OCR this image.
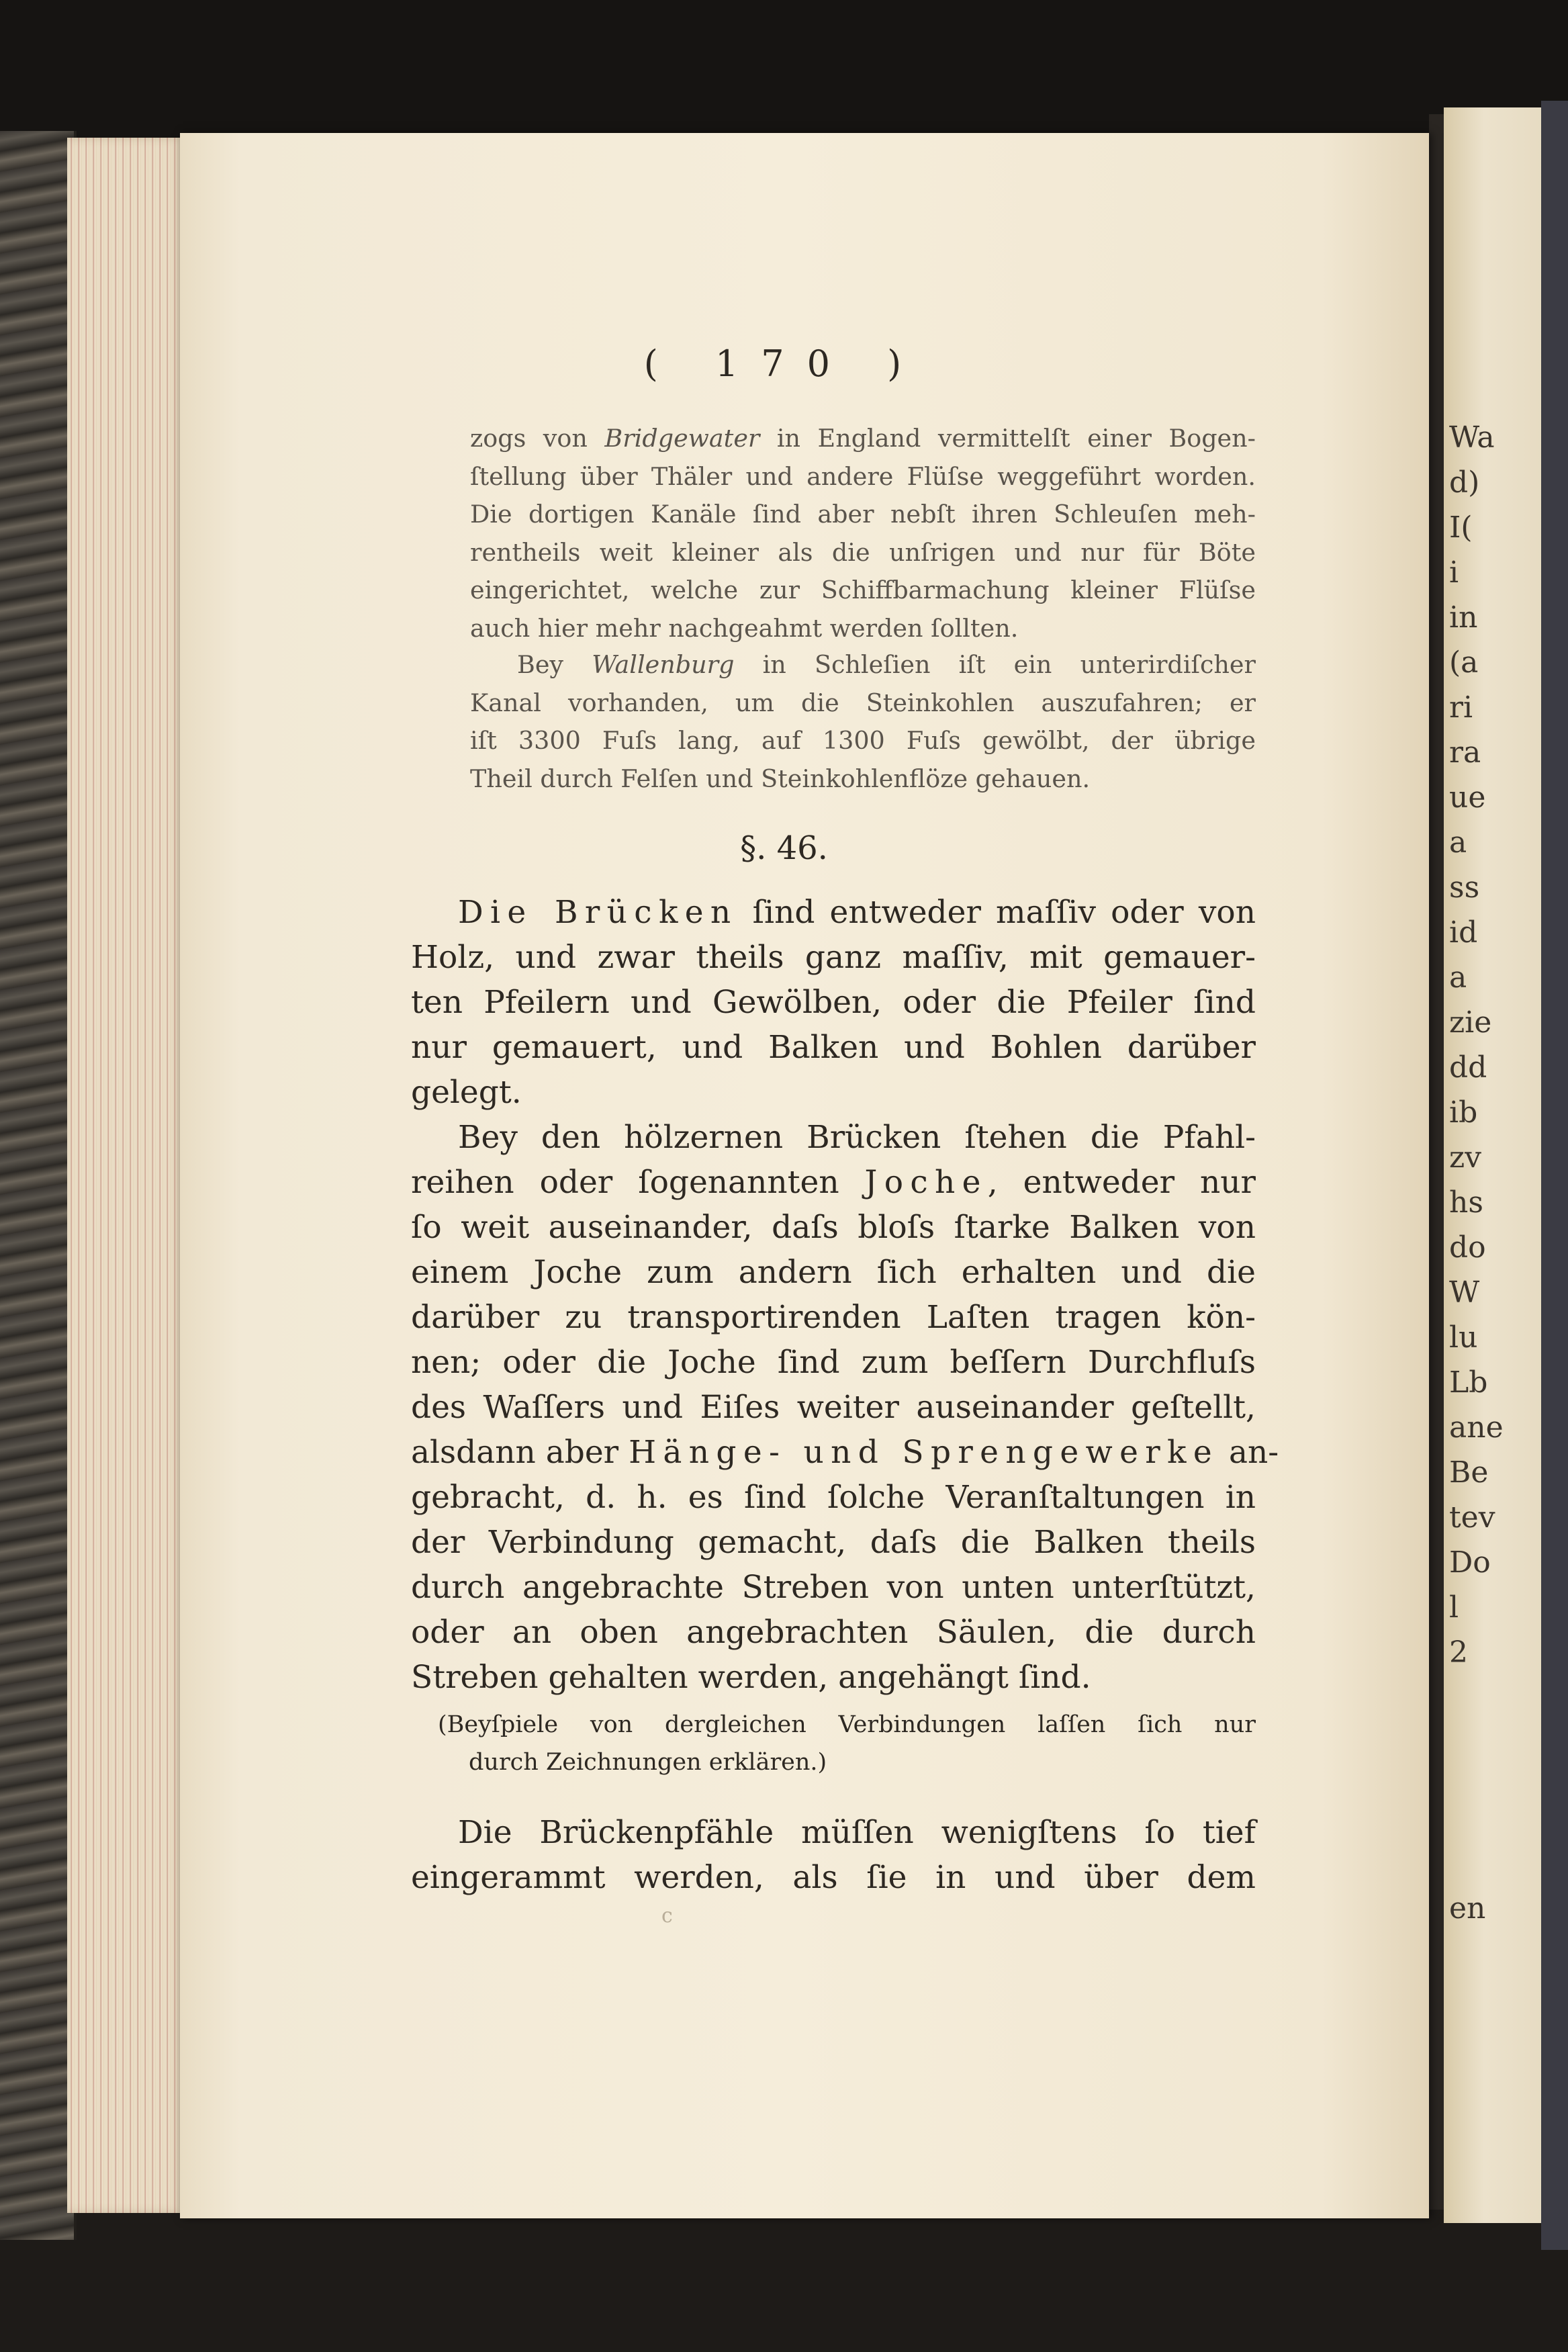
Wa
d)
I(
i
in
(a
ri
ra
ue
a
ss
id
a
zie
dd
ib
zv
hs
do
W
lu
Lb
ane
Be
tev
Do
l
2
en
( 170 )
zogs von Bridgewater in England vermittelſt einer Bogen-
ſtellung über Thäler und andere Flüſse weggeführt worden.
Die dortigen Kanäle ſind aber nebſt ihren Schleuſen meh-
rentheils weit kleiner als die unſrigen und nur für Böte
eingerichtet, welche zur Schiffbarmachung kleiner Flüſse
auch hier mehr nachgeahmt werden ſollten.
Bey Wallenburg in Schleſien iſt ein unterirdiſcher
Kanal vorhanden, um die Steinkohlen auszufahren; er
iſt 3300 Fuſs lang, auf 1300 Fuſs gewölbt, der übrige
Theil durch Felſen und Steinkohlenflöze gehauen.
§. 46.
Die Brücken ſind entweder maſſiv oder von
Holz, und zwar theils ganz maſſiv, mit gemauer-
ten Pfeilern und Gewölben, oder die Pfeiler ſind
nur gemauert, und Balken und Bohlen darüber
gelegt.
Bey den hölzernen Brücken ſtehen die Pfahl-
reihen oder ſogenannten Joche, entweder nur
ſo weit auseinander, daſs bloſs ſtarke Balken von
einem Joche zum andern ſich erhalten und die
darüber zu transportirenden Laſten tragen kön-
nen; oder die Joche ſind zum beſſern Durchfluſs
des Waſſers und Eiſes weiter auseinander geſtellt,
alsdann aber Hänge- und Sprengewerke an-
gebracht, d. h. es ſind ſolche Veranſtaltungen in
der Verbindung gemacht, daſs die Balken theils
durch angebrachte Streben von unten unterſtützt,
oder an oben angebrachten Säulen, die durch
Streben gehalten werden, angehängt ſind.
(Beyſpiele von dergleichen Verbindungen laſſen ſich nur
durch Zeichnungen erklären.)
Die Brückenpfähle müſſen wenigſtens ſo tief
eingerammt werden, als ſie in und über dem
c
